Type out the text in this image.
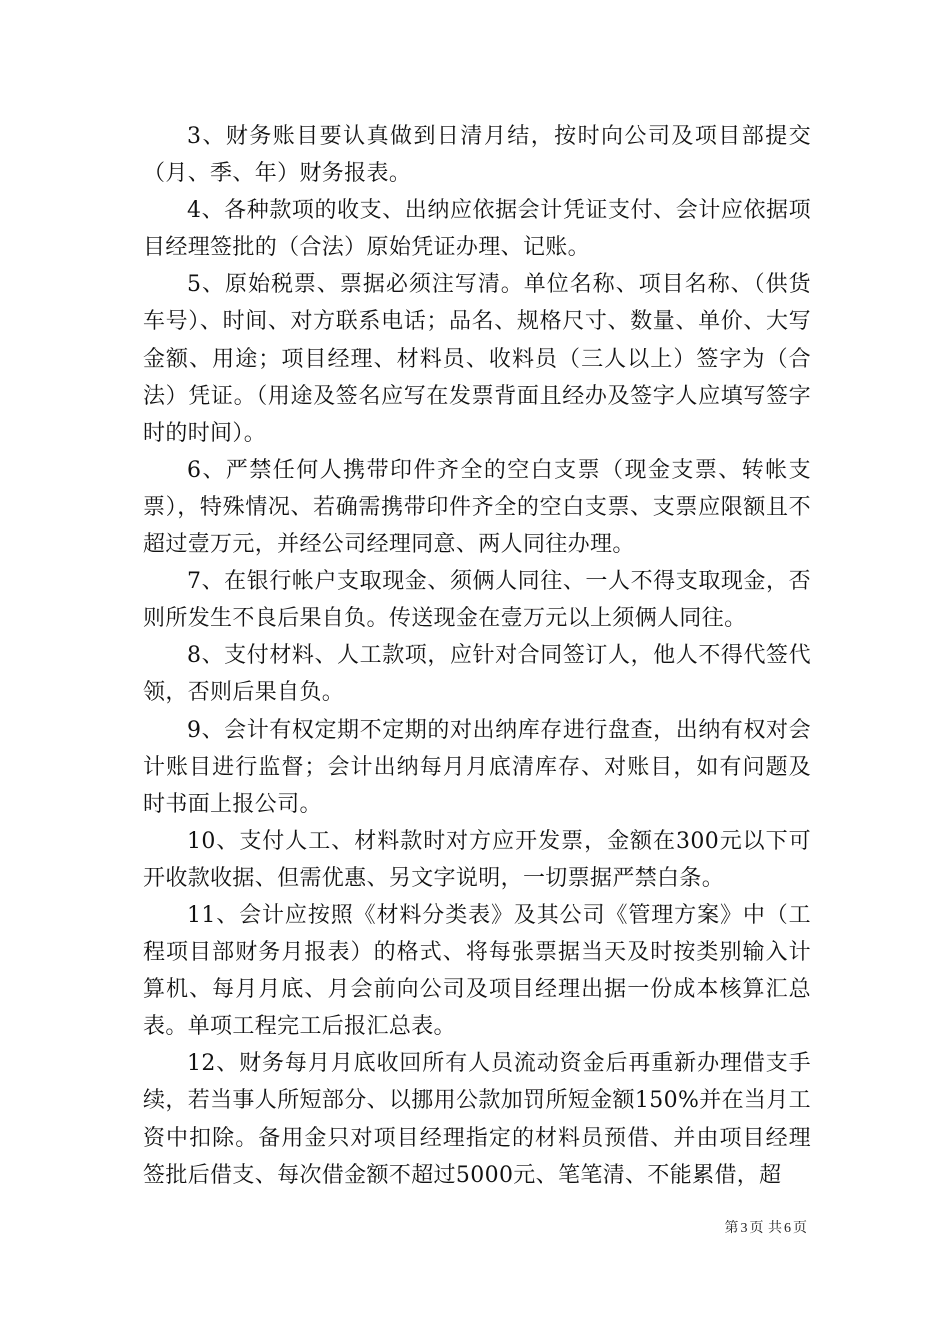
3、财务账目要认真做到日清月结，按时向公司及项目部提交（月、季、年）财务报表。

4、各种款项的收支、出纳应依据会计凭证支付、会计应依据项目经理签批的（合法）原始凭证办理、记账。

5、原始税票、票据必须注写清。单位名称、项目名称、（供货车号）、时间、对方联系电话；品名、规格尺寸、数量、单价、大写金额、用途；项目经理、材料员、收料员（三人以上）签字为（合法）凭证。（用途及签名应写在发票背面且经办及签字人应填写签字时的时间）。

6、严禁任何人携带印件齐全的空白支票（现金支票、转帐支票），特殊情况、若确需携带印件齐全的空白支票、支票应限额且不超过壹万元，并经公司经理同意、两人同往办理。

7、在银行帐户支取现金、须俩人同往、一人不得支取现金，否则所发生不良后果自负。传送现金在壹万元以上须俩人同往。

8、支付材料、人工款项，应针对合同签订人，他人不得代签代领，否则后果自负。

9、会计有权定期不定期的对出纳库存进行盘查，出纳有权对会计账目进行监督；会计出纳每月月底清库存、对账目，如有问题及时书面上报公司。

10、支付人工、材料款时对方应开发票，金额在300元以下可开收款收据、但需优惠、另文字说明，一切票据严禁白条。

11、会计应按照《材料分类表》及其公司《管理方案》中（工程项目部财务月报表）的格式、将每张票据当天及时按类别输入计算机、每月月底、月会前向公司及项目经理出据一份成本核算汇总表。单项工程完工后报汇总表。

12、财务每月月底收回所有人员流动资金后再重新办理借支手续，若当事人所短部分、以挪用公款加罚所短金额150%并在当月工资中扣除。备用金只对项目经理指定的材料员预借、并由项目经理签批后借支、每次借金额不超过5000元、笔笔清、不能累借，超

第 3 页 共 6 页
